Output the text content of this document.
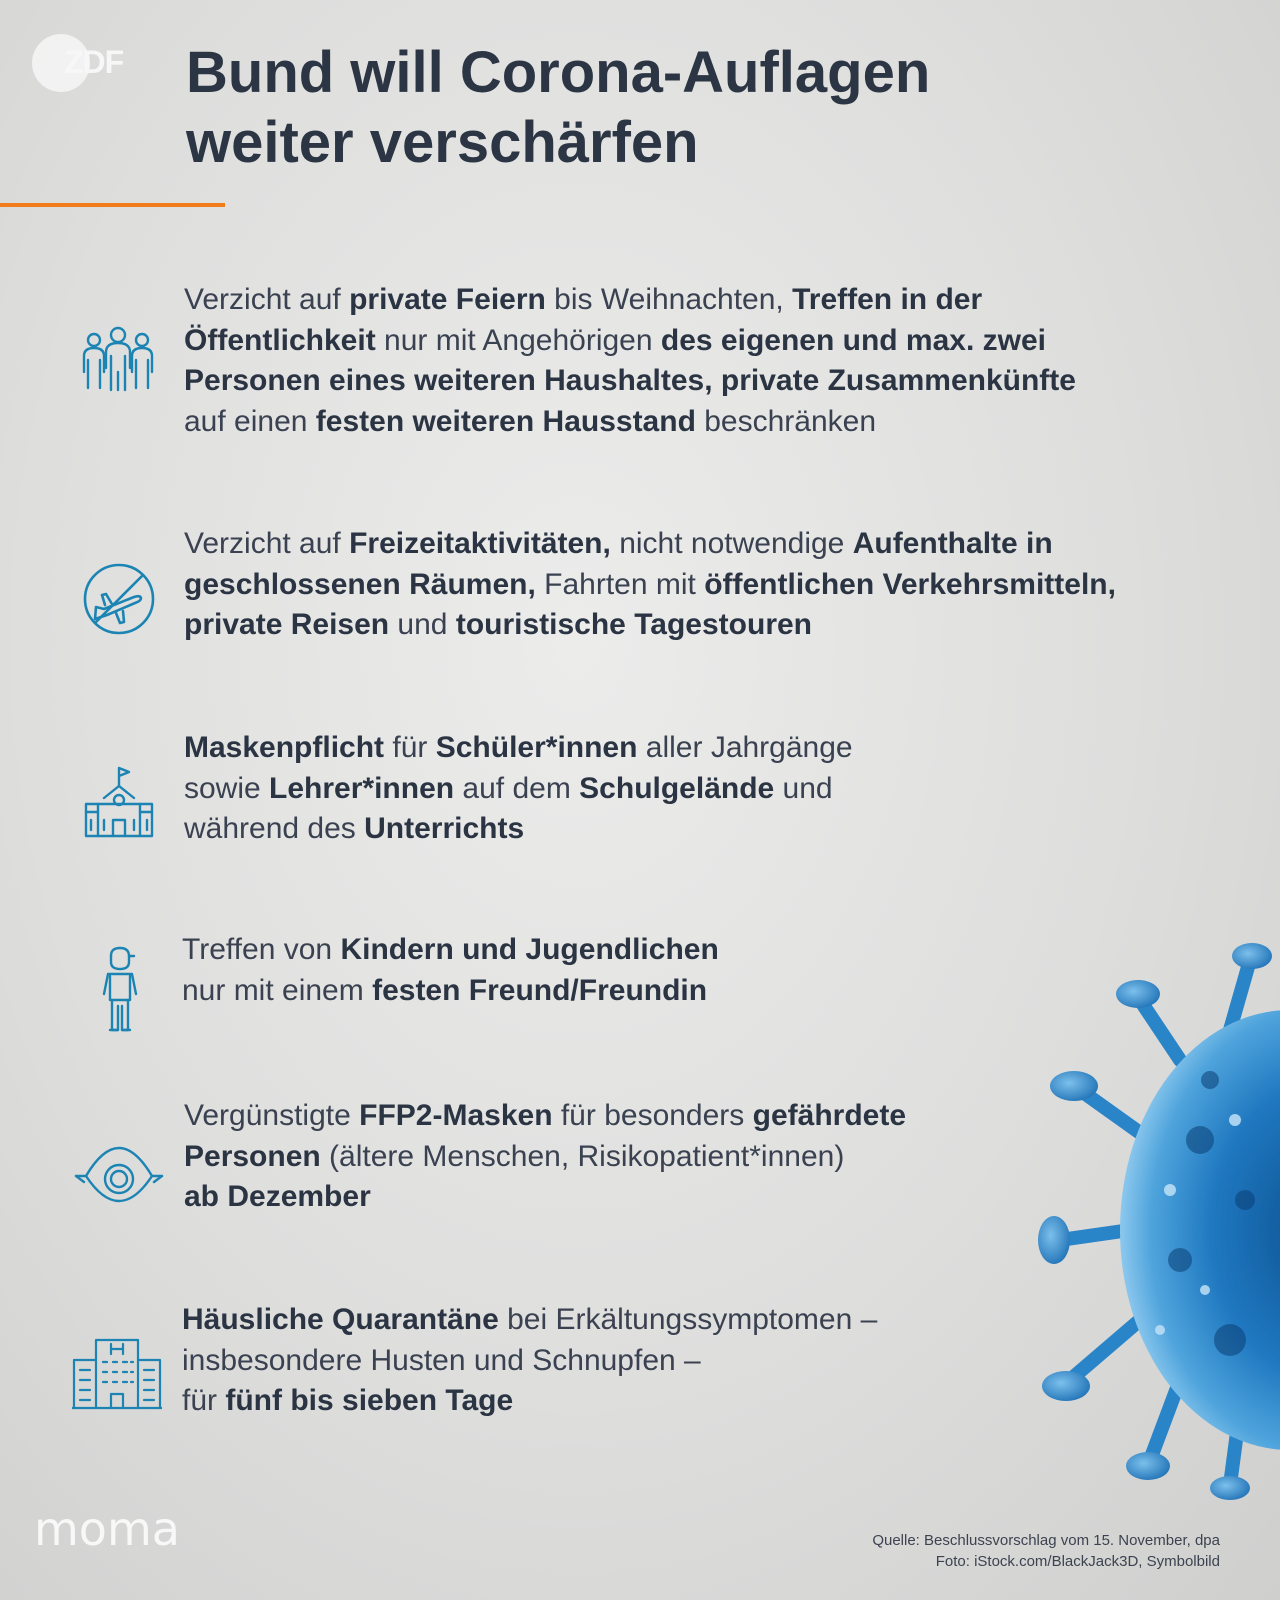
ZDF Bund will Corona-Auflagen
weiter verschärfen
Verzicht auf private Feiern bis Weihnachten, Treffen in der
Öffentlichkeit nur mit Angehörigen des eigenen und max. zwei
Personen eines weiteren Haushaltes, private Zusammenkünfte
auf einen festen weiteren Hausstand beschränken
Verzicht auf Freizeitaktivitäten, nicht notwendige Aufenthalte in
geschlossenen Räumen, Fahrten mit öffentlichen Verkehrsmitteln,
private Reisen und touristische Tagestouren
Maskenpflicht für Schüler*innen aller Jahrgänge
sowie Lehrer*innen auf dem Schulgelände und
während des Unterrichts
Treffen von Kindern und Jugendlichen
nur mit einem festen Freund/Freundin
Vergünstigte FFP2-Masken für besonders gefährdete
Personen (ältere Menschen, Risikopatient*innen)
ab Dezember
Häusliche Quarantäne bei Erkältungssymptomen –
insbesondere Husten und Schnupfen –
für fünf bis sieben Tage
moma	Quelle: Beschlussvorschlag vom 15. November, dpa
Foto: iStock.com/BlackJack3D, Symbolbild
